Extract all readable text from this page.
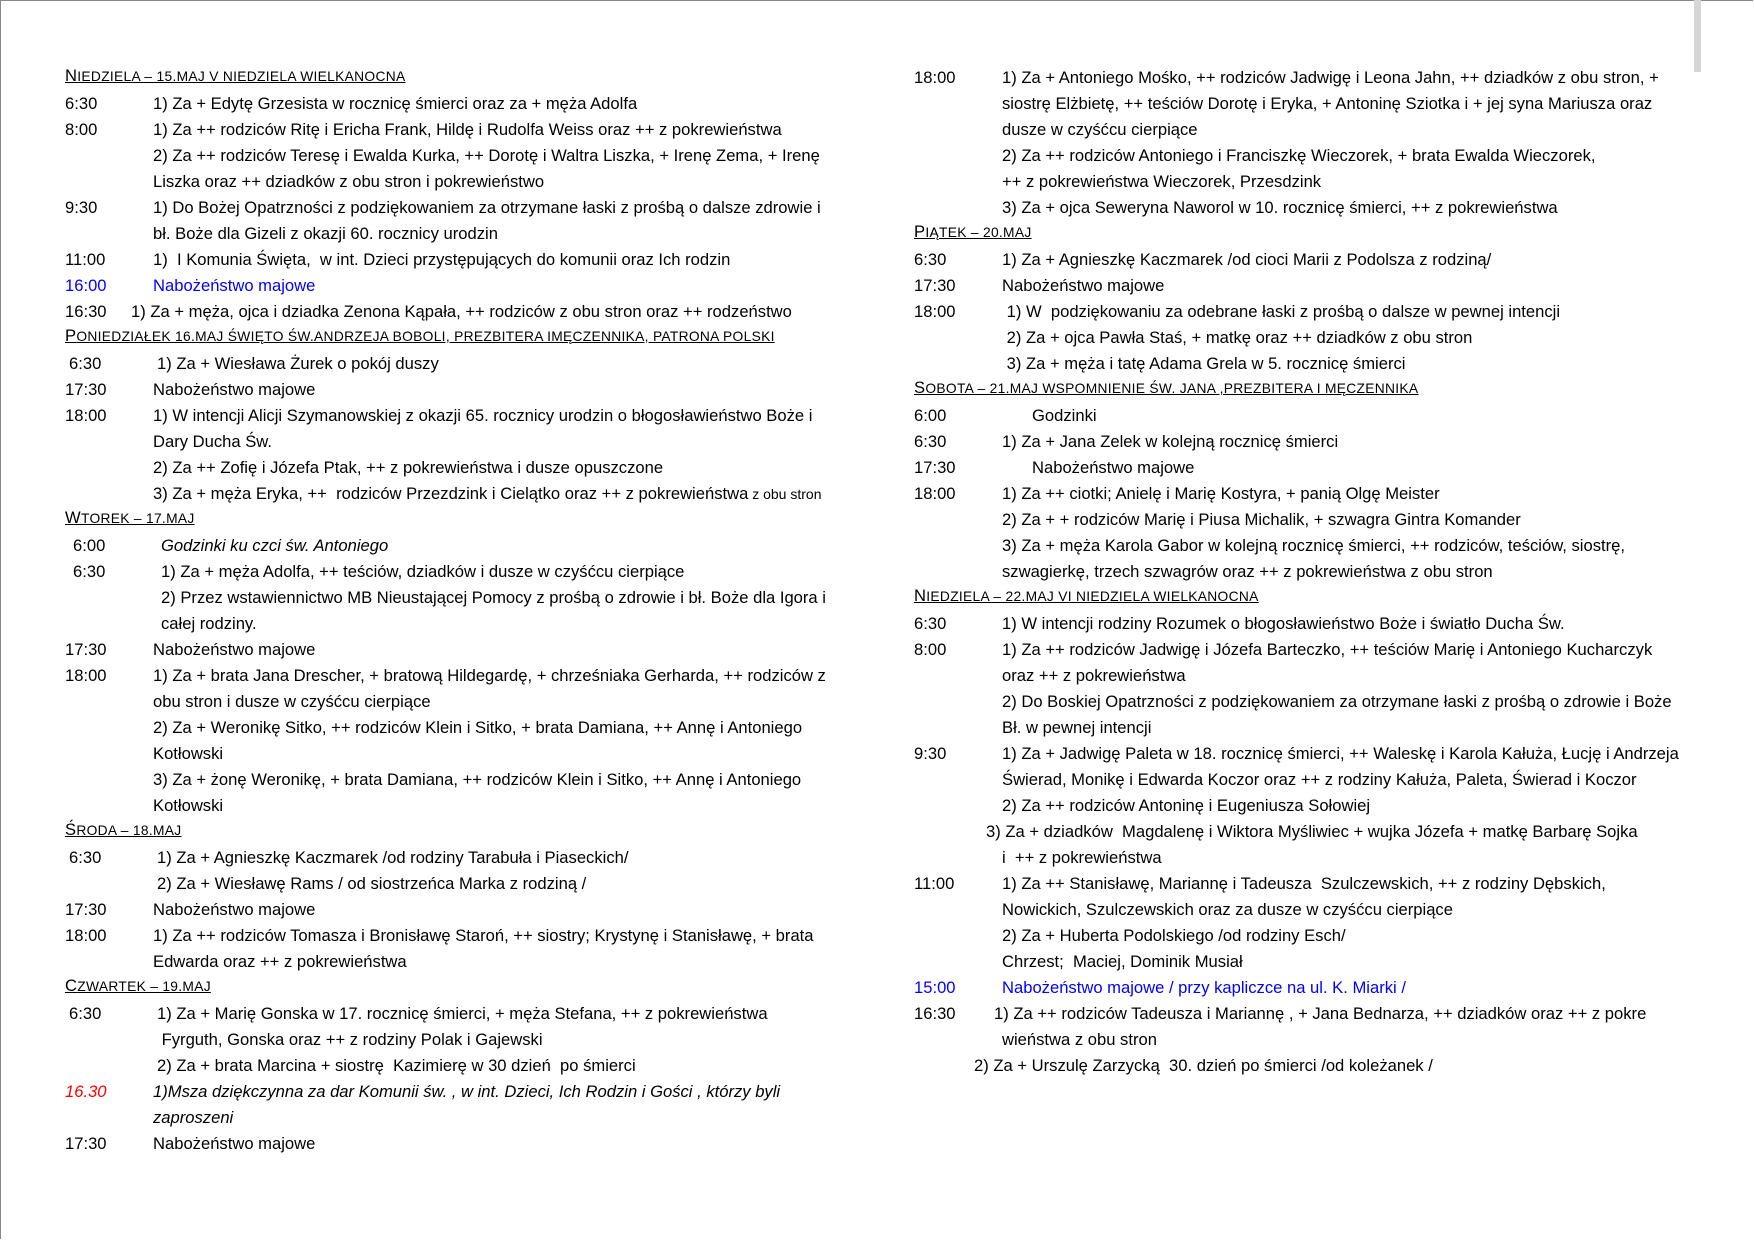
NIEDZIELA – 15.MAJ V NIEDZIELA WIELKANOCNA
6:30	1) Za + Edytę Grzesista w rocznicę śmierci oraz za + męża Adolfa
8:00	1) Za ++ rodziców Ritę i Ericha Frank, Hildę i Rudolfa Weiss oraz ++ z pokrewieństwa
2) Za ++ rodziców Teresę i Ewalda Kurka, ++ Dorotę i Waltra Liszka, + Irenę Zema, + Irenę
Liszka oraz ++ dziadków z obu stron i pokrewieństwo
9:30	1) Do Bożej Opatrzności z podziękowaniem za otrzymane łaski z prośbą o dalsze zdrowie i
bł. Boże dla Gizeli z okazji 60. rocznicy urodzin
11:00	1)  I Komunia Święta,  w int. Dzieci przystępujących do komunii oraz Ich rodzin
16:00	Nabożeństwo majowe
16:30	1) Za + męża, ojca i dziadka Zenona Kąpała, ++ rodziców z obu stron oraz ++ rodzeństwo
PONIEDZIAŁEK 16.MAJ ŚWIĘTO ŚW.ANDRZEJA BOBOLI, PREZBITERA IMĘCZENNIKA, PATRONA POLSKI
6:30	1) Za + Wiesława Żurek o pokój duszy
17:30	Nabożeństwo majowe
18:00	1) W intencji Alicji Szymanowskiej z okazji 65. rocznicy urodzin o błogosławieństwo Boże i
Dary Ducha Św.
2) Za ++ Zofię i Józefa Ptak, ++ z pokrewieństwa i dusze opuszczone
3) Za + męża Eryka, ++  rodziców Przezdzink i Cielątko oraz ++ z pokrewieństwa z obu stron
WTOREK – 17.MAJ
6:00	Godzinki ku czci św. Antoniego
6:30	1) Za + męża Adolfa, ++ teściów, dziadków i dusze w czyśćcu cierpiące
2) Przez wstawiennictwo MB Nieustającej Pomocy z prośbą o zdrowie i bł. Boże dla Igora i
całej rodziny.
17:30	Nabożeństwo majowe
18:00	1) Za + brata Jana Drescher, + bratową Hildegardę, + chrześniaka Gerharda, ++ rodziców z
obu stron i dusze w czyśćcu cierpiące
2) Za + Weronikę Sitko, ++ rodziców Klein i Sitko, + brata Damiana, ++ Annę i Antoniego
Kotłowski
3) Za + żonę Weronikę, + brata Damiana, ++ rodziców Klein i Sitko, ++ Annę i Antoniego
Kotłowski
ŚRODA – 18.MAJ
6:30	1) Za + Agnieszkę Kaczmarek /od rodziny Tarabuła i Piaseckich/
2) Za + Wiesławę Rams / od siostrzeńca Marka z rodziną /
17:30	Nabożeństwo majowe
18:00	1) Za ++ rodziców Tomasza i Bronisławę Staroń, ++ siostry; Krystynę i Stanisławę, + brata
Edwarda oraz ++ z pokrewieństwa
CZWARTEK – 19.MAJ
6:30	1) Za + Marię Gonska w 17. rocznicę śmierci, + męża Stefana, ++ z pokrewieństwa
Fyrguth, Gonska oraz ++ z rodziny Polak i Gajewski
2) Za + brata Marcina + siostrę  Kazimierę w 30 dzień  po śmierci
16.30	1)Msza dziękczynna za dar Komunii św. , w int. Dzieci, Ich Rodzin i Gości , którzy byli
zaproszeni
17:30	Nabożeństwo majowe
18:00	1) Za + Antoniego Mośko, ++ rodziców Jadwigę i Leona Jahn, ++ dziadków z obu stron, +
siostrę Elżbietę, ++ teściów Dorotę i Eryka, + Antoninę Sziotka i + jej syna Mariusza oraz
dusze w czyśćcu cierpiące
2) Za ++ rodziców Antoniego i Franciszkę Wieczorek, + brata Ewalda Wieczorek,
++ z pokrewieństwa Wieczorek, Przesdzink
3) Za + ojca Seweryna Naworol w 10. rocznicę śmierci, ++ z pokrewieństwa
PIĄTEK – 20.MAJ
6:30	1) Za + Agnieszkę Kaczmarek /od cioci Marii z Podolsza z rodziną/
17:30	Nabożeństwo majowe
18:00	1) W  podziękowaniu za odebrane łaski z prośbą o dalsze w pewnej intencji
2) Za + ojca Pawła Staś, + matkę oraz ++ dziadków z obu stron
3) Za + męża i tatę Adama Grela w 5. rocznicę śmierci
SOBOTA – 21.MAJ WSPOMNIENIE ŚW. JANA ,PREZBITERA I MĘCZENNIKA
6:00	Godzinki
6:30	1) Za + Jana Zelek w kolejną rocznicę śmierci
17:30	Nabożeństwo majowe
18:00	1) Za ++ ciotki; Anielę i Marię Kostyra, + panią Olgę Meister
2) Za + + rodziców Marię i Piusa Michalik, + szwagra Gintra Komander
3) Za + męża Karola Gabor w kolejną rocznicę śmierci, ++ rodziców, teściów, siostrę,
szwagierkę, trzech szwagrów oraz ++ z pokrewieństwa z obu stron
NIEDZIELA – 22.MAJ VI NIEDZIELA WIELKANOCNA
6:30	1) W intencji rodziny Rozumek o błogosławieństwo Boże i światło Ducha Św.
8:00	1) Za ++ rodziców Jadwigę i Józefa Barteczko, ++ teściów Marię i Antoniego Kucharczyk
oraz ++ z pokrewieństwa
2) Do Boskiej Opatrzności z podziękowaniem za otrzymane łaski z prośbą o zdrowie i Boże
Bł. w pewnej intencji
9:30	1) Za + Jadwigę Paleta w 18. rocznicę śmierci, ++ Waleskę i Karola Kałuża, Łucję i Andrzeja
Świerad, Monikę i Edwarda Koczor oraz ++ z rodziny Kałuża, Paleta, Świerad i Koczor
2) Za ++ rodziców Antoninę i Eugeniusza Sołowiej
3) Za + dziadków  Magdalenę i Wiktora Myśliwiec + wujka Józefa + matkę Barbarę Sojka
i  ++ z pokrewieństwa
11:00	1) Za ++ Stanisławę, Mariannę i Tadeusza  Szulczewskich, ++ z rodziny Dębskich,
Nowickich, Szulczewskich oraz za dusze w czyśćcu cierpiące
2) Za + Huberta Podolskiego /od rodziny Esch/
Chrzest;  Maciej, Dominik Musiał
15:00	Nabożeństwo majowe / przy kapliczce na ul. K. Miarki /
16:30	1) Za ++ rodziców Tadeusza i Mariannę , + Jana Bednarza, ++ dziadków oraz ++ z pokre
wieństwa z obu stron
2) Za + Urszulę Zarzycką  30. dzień po śmierci /od koleżanek /
